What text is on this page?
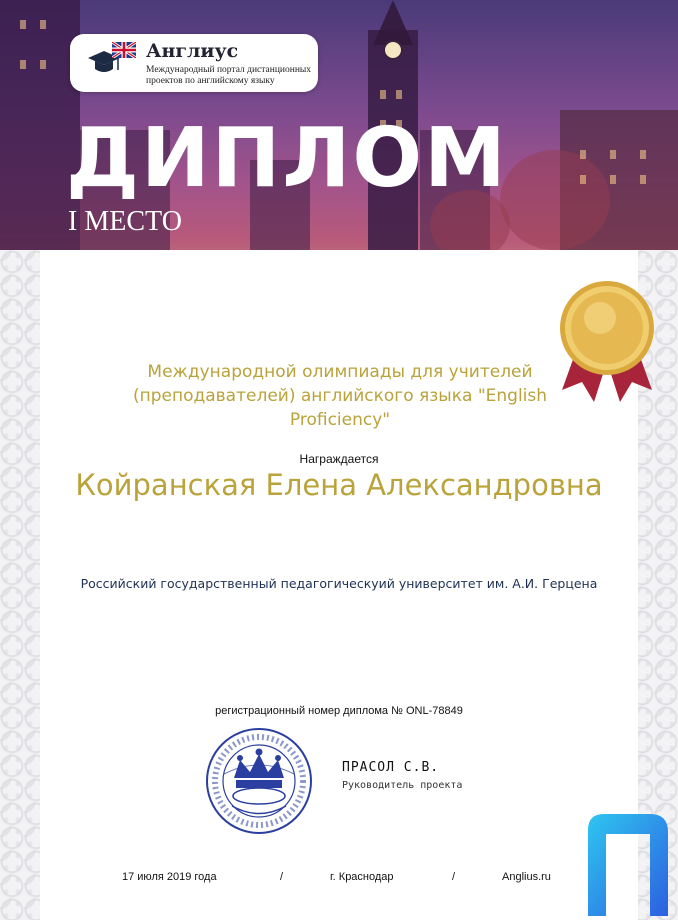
Англиус
Международный портал дистанционных проектов по английскому языку
ДИПЛОМ
I МЕСТО
Международной олимпиады для учителей (преподавателей) английского языка "English Proficiency"
Награждается
Койранская Елена Александровна
Российский государственный педагогическуий университет им. А.И. Герцена
регистрационный номер диплома № ONL-78849
ПРАСОЛ С.В.
Руководитель проекта
17 июля 2019 года	/	г. Краснодар	/	Anglius.ru
